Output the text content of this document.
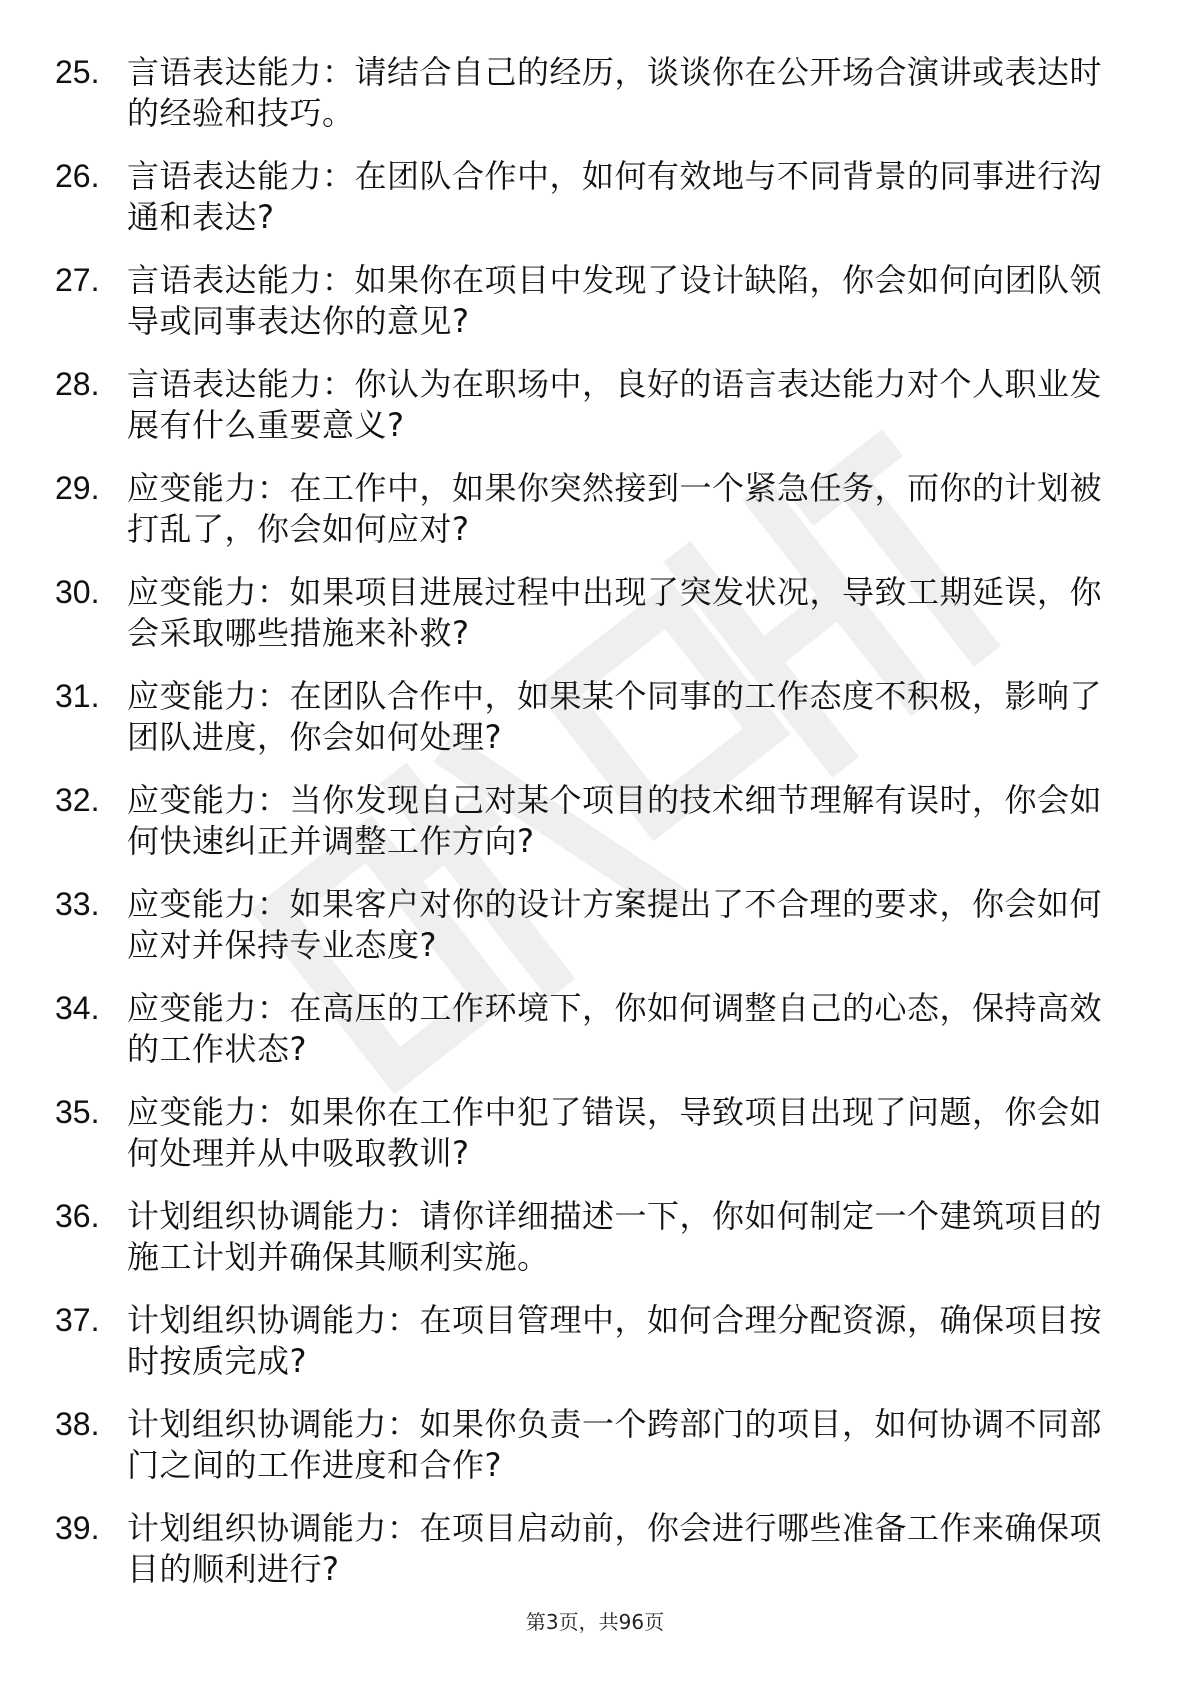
25. 言语表达能力：请结合自己的经历，谈谈你在公开场合演讲或表达时的经验和技巧。
26. 言语表达能力：在团队合作中，如何有效地与不同背景的同事进行沟通和表达?
27. 言语表达能力：如果你在项目中发现了设计缺陷，你会如何向团队领导或同事表达你的意见?
28. 言语表达能力：你认为在职场中，良好的语言表达能力对个人职业发展有什么重要意义?
29. 应变能力：在工作中，如果你突然接到一个紧急任务，而你的计划被打乱了，你会如何应对?
30. 应变能力：如果项目进展过程中出现了突发状况，导致工期延误，你会采取哪些措施来补救?
31. 应变能力：在团队合作中，如果某个同事的工作态度不积极，影响了团队进度，你会如何处理?
32. 应变能力：当你发现自己对某个项目的技术细节理解有误时，你会如何快速纠正并调整工作方向?
33. 应变能力：如果客户对你的设计方案提出了不合理的要求，你会如何应对并保持专业态度?
34. 应变能力：在高压的工作环境下，你如何调整自己的心态，保持高效的工作状态?
35. 应变能力：如果你在工作中犯了错误，导致项目出现了问题，你会如何处理并从中吸取教训?
36. 计划组织协调能力：请你详细描述一下，你如何制定一个建筑项目的施工计划并确保其顺利实施。
37. 计划组织协调能力：在项目管理中，如何合理分配资源，确保项目按时按质完成?
38. 计划组织协调能力：如果你负责一个跨部门的项目，如何协调不同部门之间的工作进度和合作?
39. 计划组织协调能力：在项目启动前，你会进行哪些准备工作来确保项目的顺利进行?
第3页，共96页
